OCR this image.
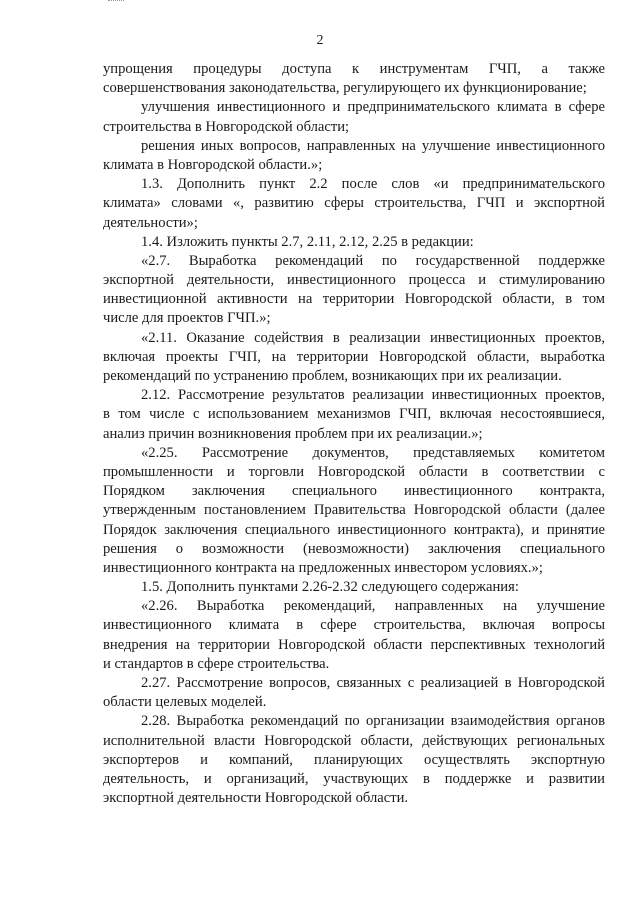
2
упрощения процедуры доступа к инструментам ГЧП, а также
совершенствования законодательства, регулирующего их функционирование;
улучшения инвестиционного и предпринимательского климата в сфере
строительства в Новгородской области;
решения иных вопросов, направленных на улучшение инвестиционного
климата в Новгородской области.»;
1.3. Дополнить пункт 2.2 после слов «и предпринимательского
климата» словами «, развитию сферы строительства, ГЧП и экспортной
деятельности»;
1.4. Изложить пункты 2.7, 2.11, 2.12, 2.25 в редакции:
«2.7. Выработка рекомендаций по государственной поддержке
экспортной деятельности, инвестиционного процесса и стимулированию
инвестиционной активности на территории Новгородской области, в том
числе для проектов ГЧП.»;
«2.11. Оказание содействия в реализации инвестиционных проектов,
включая проекты ГЧП, на территории Новгородской области, выработка
рекомендаций по устранению проблем, возникающих при их реализации.
2.12. Рассмотрение результатов реализации инвестиционных проектов,
в том числе с использованием механизмов ГЧП, включая несостоявшиеся,
анализ причин возникновения проблем при их реализации.»;
«2.25. Рассмотрение документов, представляемых комитетом
промышленности и торговли Новгородской области в соответствии с
Порядком заключения специального инвестиционного контракта,
утвержденным постановлением Правительства Новгородской области (далее
Порядок заключения специального инвестиционного контракта), и принятие
решения о возможности (невозможности) заключения специального
инвестиционного контракта на предложенных инвестором условиях.»;
1.5. Дополнить пунктами 2.26-2.32 следующего содержания:
«2.26. Выработка рекомендаций, направленных на улучшение
инвестиционного климата в сфере строительства, включая вопросы
внедрения на территории Новгородской области перспективных технологий
и стандартов в сфере строительства.
2.27. Рассмотрение вопросов, связанных с реализацией в Новгородской
области целевых моделей.
2.28. Выработка рекомендаций по организации взаимодействия органов
исполнительной власти Новгородской области, действующих региональных
экспортеров и компаний, планирующих осуществлять экспортную
деятельность, и организаций, участвующих в поддержке и развитии
экспортной деятельности Новгородской области.
